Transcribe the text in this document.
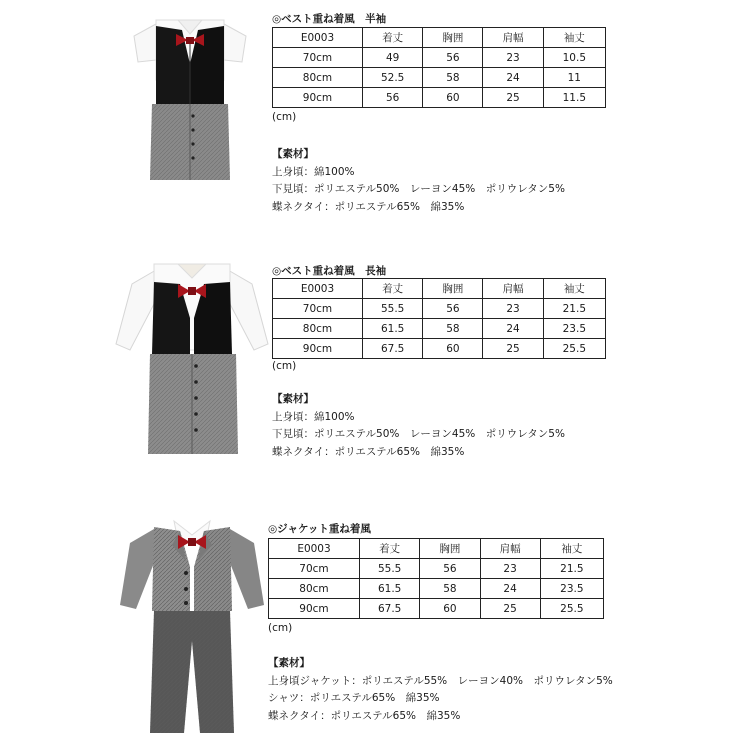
◎ベスト重ね着風　半袖
E0003	着丈	胸囲	肩幅	袖丈
70cm	49	56	23	10.5
80cm	52.5	58	24	11
90cm	56	60	25	11.5
(cm)
【素材】
上身頃：綿100%
下見頃：ポリエステル50%　レーヨン45%　ポリウレタン5%
蝶ネクタイ：ポリエステル65%　綿35%
◎ベスト重ね着風　長袖
E0003	着丈	胸囲	肩幅	袖丈
70cm	55.5	56	23	21.5
80cm	61.5	58	24	23.5
90cm	67.5	60	25	25.5
(cm)
【素材】
上身頃：綿100%
下見頃：ポリエステル50%　レーヨン45%　ポリウレタン5%
蝶ネクタイ：ポリエステル65%　綿35%
◎ジャケット重ね着風
E0003	着丈	胸囲	肩幅	袖丈
70cm	55.5	56	23	21.5
80cm	61.5	58	24	23.5
90cm	67.5	60	25	25.5
(cm)
【素材】
上身頃ジャケット：ポリエステル55%　レーヨン40%　ポリウレタン5%
シャツ：ポリエステル65%　綿35%
蝶ネクタイ：ポリエステル65%　綿35%
